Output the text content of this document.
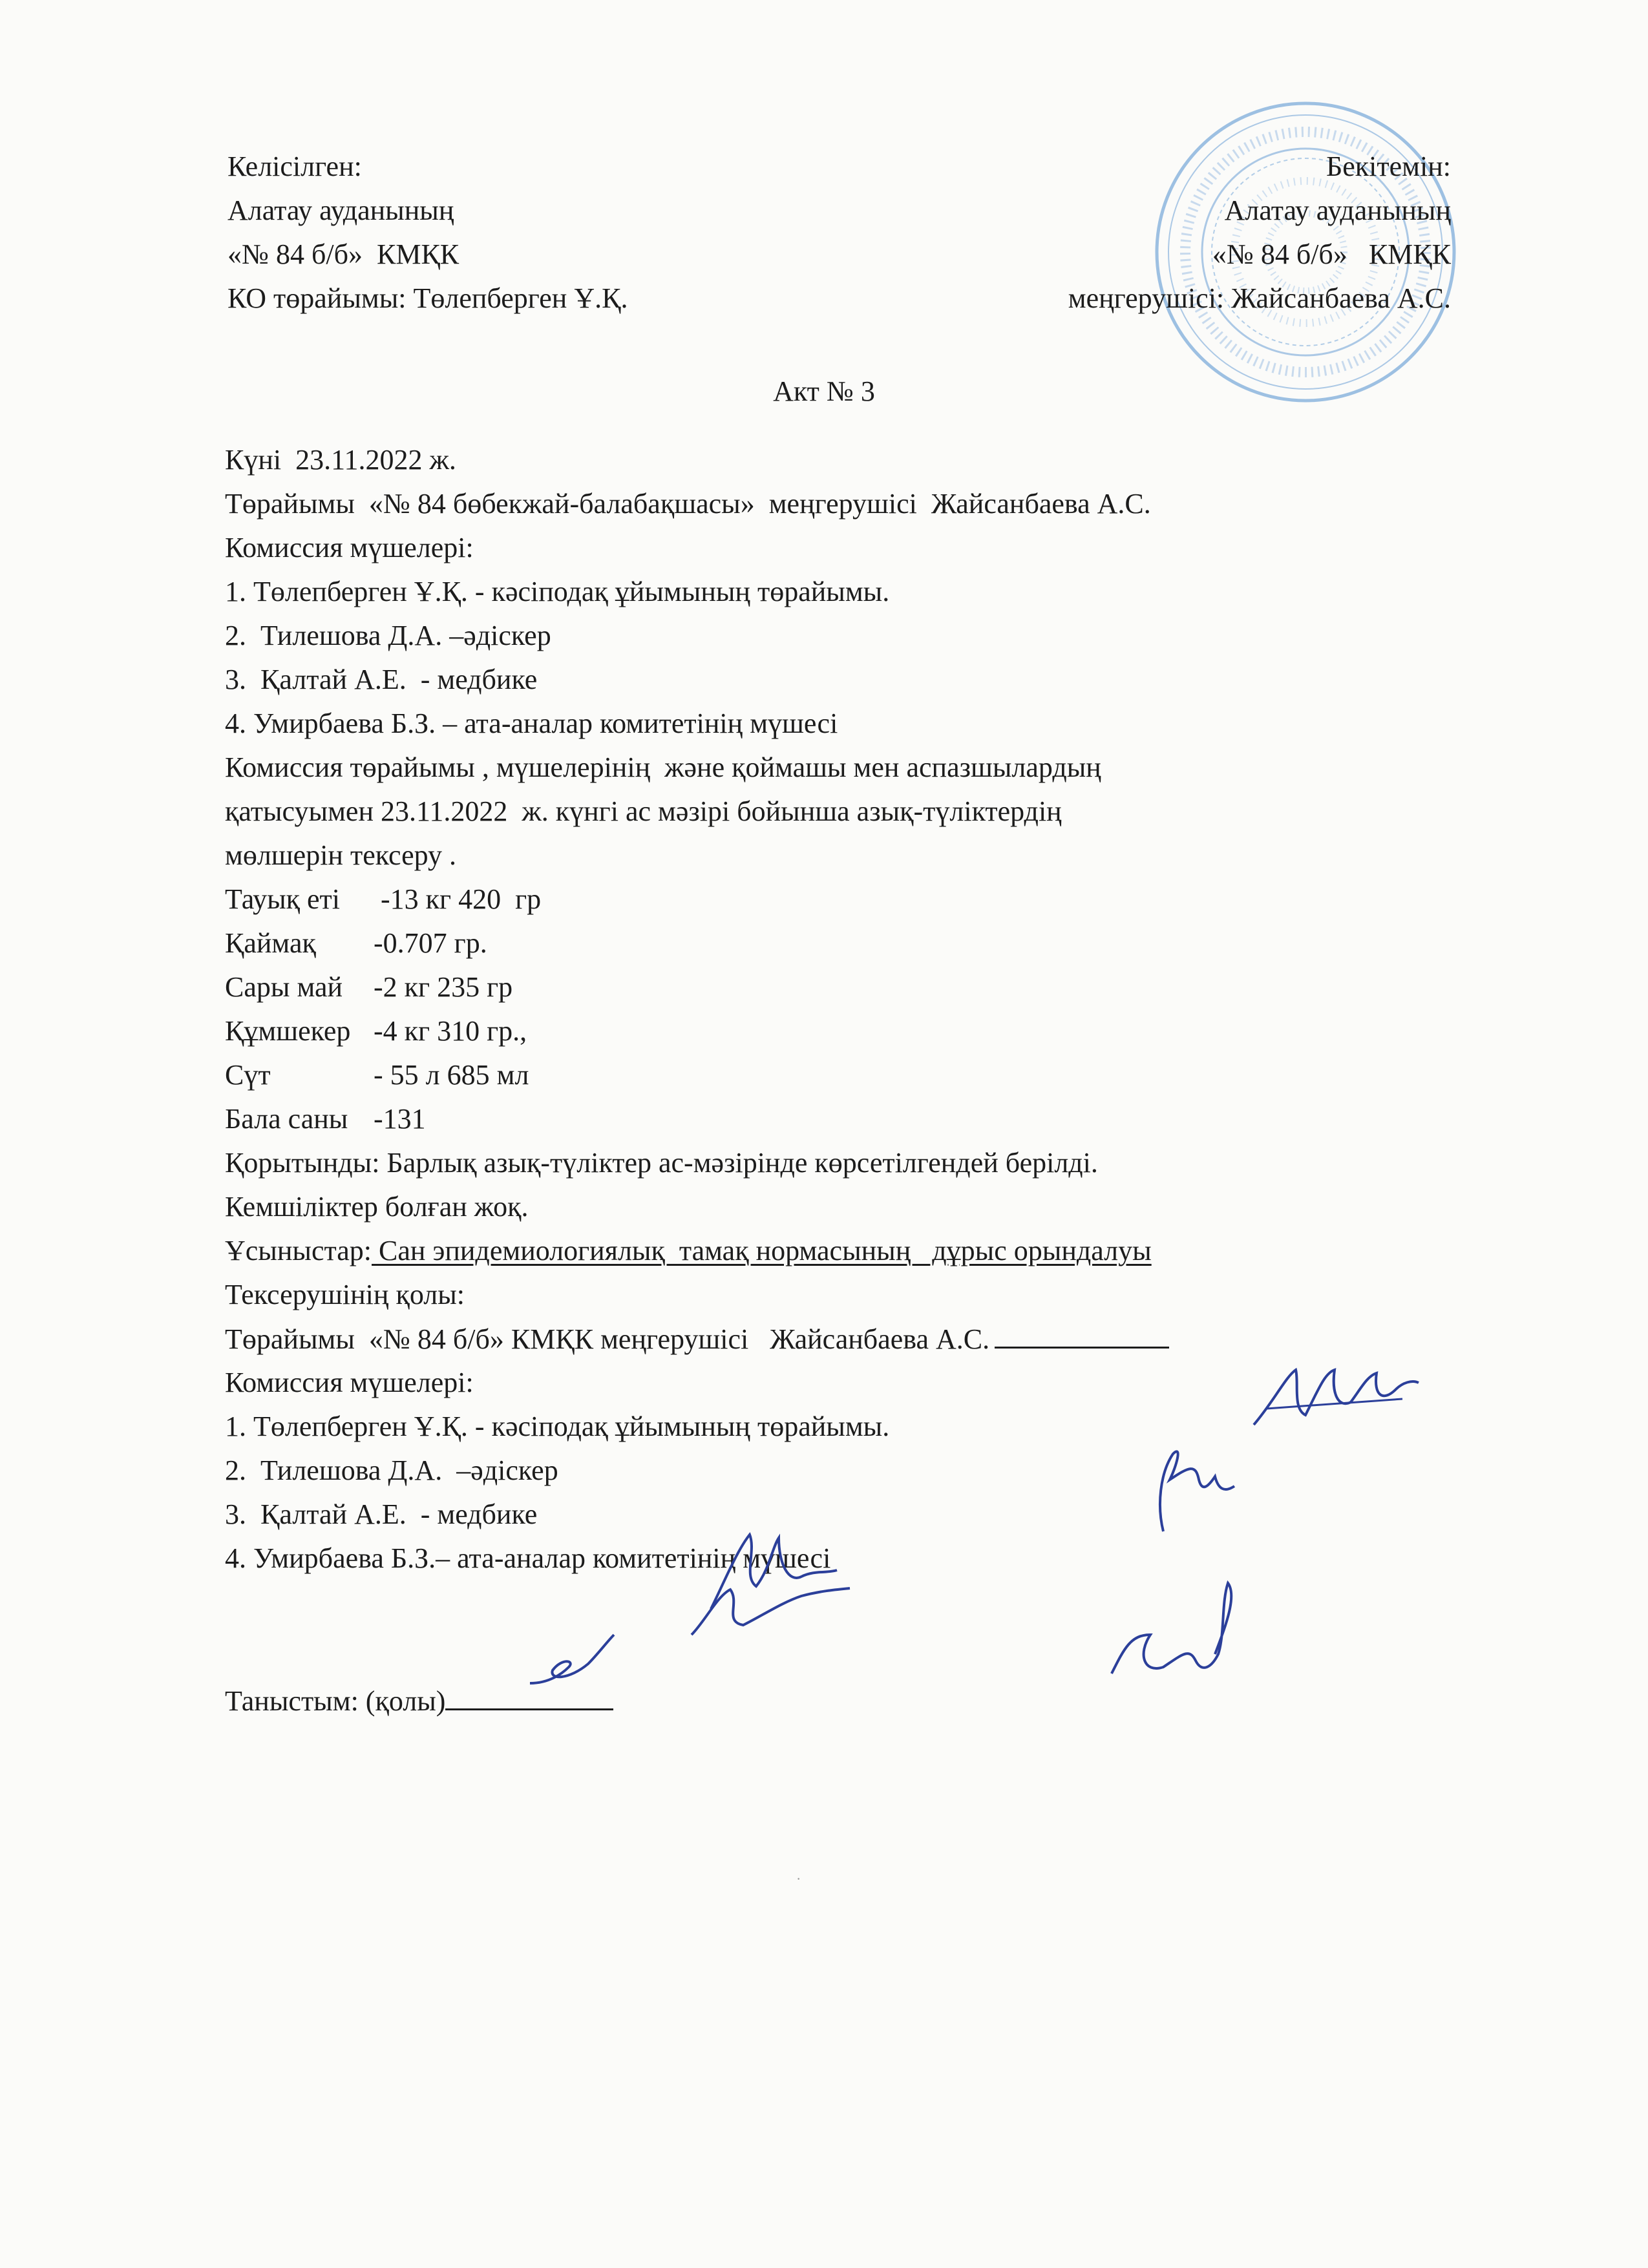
Келісілген:
Алатау ауданының
«№ 84 б/б»  КМҚК
КО төрайымы: Төлепберген Ұ.Қ.
Бекітемін:
Алатау ауданының
«№ 84 б/б»   КМҚК
меңгерушісі: Жайсанбаева А.С.
Акт № 3
Күні  23.11.2022 ж.
Төрайымы  «№ 84 бөбекжай-балабақшасы»  меңгерушісі  Жайсанбаева А.С.
Комиссия мүшелері:
1. Төлепберген Ұ.Қ. - кәсіподақ ұйымының төрайымы.
2.  Тилешова Д.А. –әдіскер
3.  Қалтай А.Е.  - медбике
4. Умирбаева Б.З. – ата-аналар комитетінің мүшесі
Комиссия төрайымы , мүшелерінің  және қоймашы мен аспазшылардың
қатысуымен 23.11.2022  ж. күнгі ас мәзірі бойынша азық-түліктердің
мөлшерін тексеру .
Тауық еті -13 кг 420  гр
Қаймақ -0.707 гр.
Сары май -2 кг 235 гр
Құмшекер -4 кг 310 гр.,
Сүт	- 55 л 685 мл
Бала саны -131
Қорытынды: Барлық азық-түліктер ас-мәзірінде көрсетілгендей берілді.
Кемшіліктер болған жоқ.
Ұсыныстар: Сан эпидемиологиялық  тамақ нормасының   дұрыс орындалуы
Тексерушінің қолы:
Төрайымы  «№ 84 б/б» КМҚК меңгерушісі   Жайсанбаева А.С.
Комиссия мүшелері:
1. Төлепберген Ұ.Қ. - кәсіподақ ұйымының төрайымы.
2.  Тилешова Д.А.  –әдіскер
3.  Қалтай А.Е.  - медбике
4. Умирбаева Б.З.– ата-аналар комитетінің мүшесі
Таныстым: (қолы)
·
